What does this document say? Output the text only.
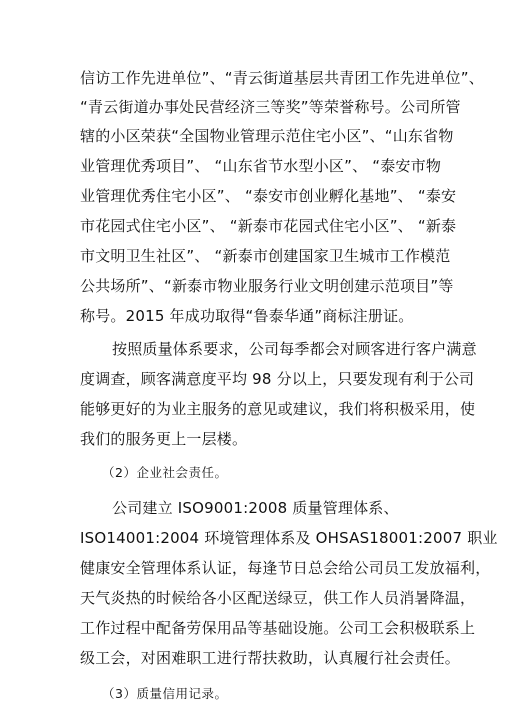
信访工作先进单位”、“青云街道基层共青团工作先进单位”、
“青云街道办事处民营经济三等奖”等荣誉称号。公司所管
辖的小区荣获“全国物业管理示范住宅小区”、“山东省物
业管理优秀项目”、 “山东省节水型小区”、 “泰安市物
业管理优秀住宅小区”、 “泰安市创业孵化基地”、 “泰安
市花园式住宅小区”、 “新泰市花园式住宅小区”、 “新泰
市文明卫生社区”、 “新泰市创建国家卫生城市工作模范
公共场所”、“新泰市物业服务行业文明创建示范项目”等
称号。2015 年成功取得“鲁泰华通”商标注册证。
按照质量体系要求，公司每季都会对顾客进行客户满意
度调查，顾客满意度平均 98 分以上，只要发现有利于公司
能够更好的为业主服务的意见或建议，我们将积极采用，使
我们的服务更上一层楼。
（2）企业社会责任。
公司建立 ISO9001:2008 质量管理体系、
ISO14001:2004 环境管理体系及 OHSAS18001:2007 职业
健康安全管理体系认证，每逢节日总会给公司员工发放福利，
天气炎热的时候给各小区配送绿豆，供工作人员消暑降温，
工作过程中配备劳保用品等基础设施。公司工会积极联系上
级工会，对困难职工进行帮扶救助，认真履行社会责任。
（3）质量信用记录。
